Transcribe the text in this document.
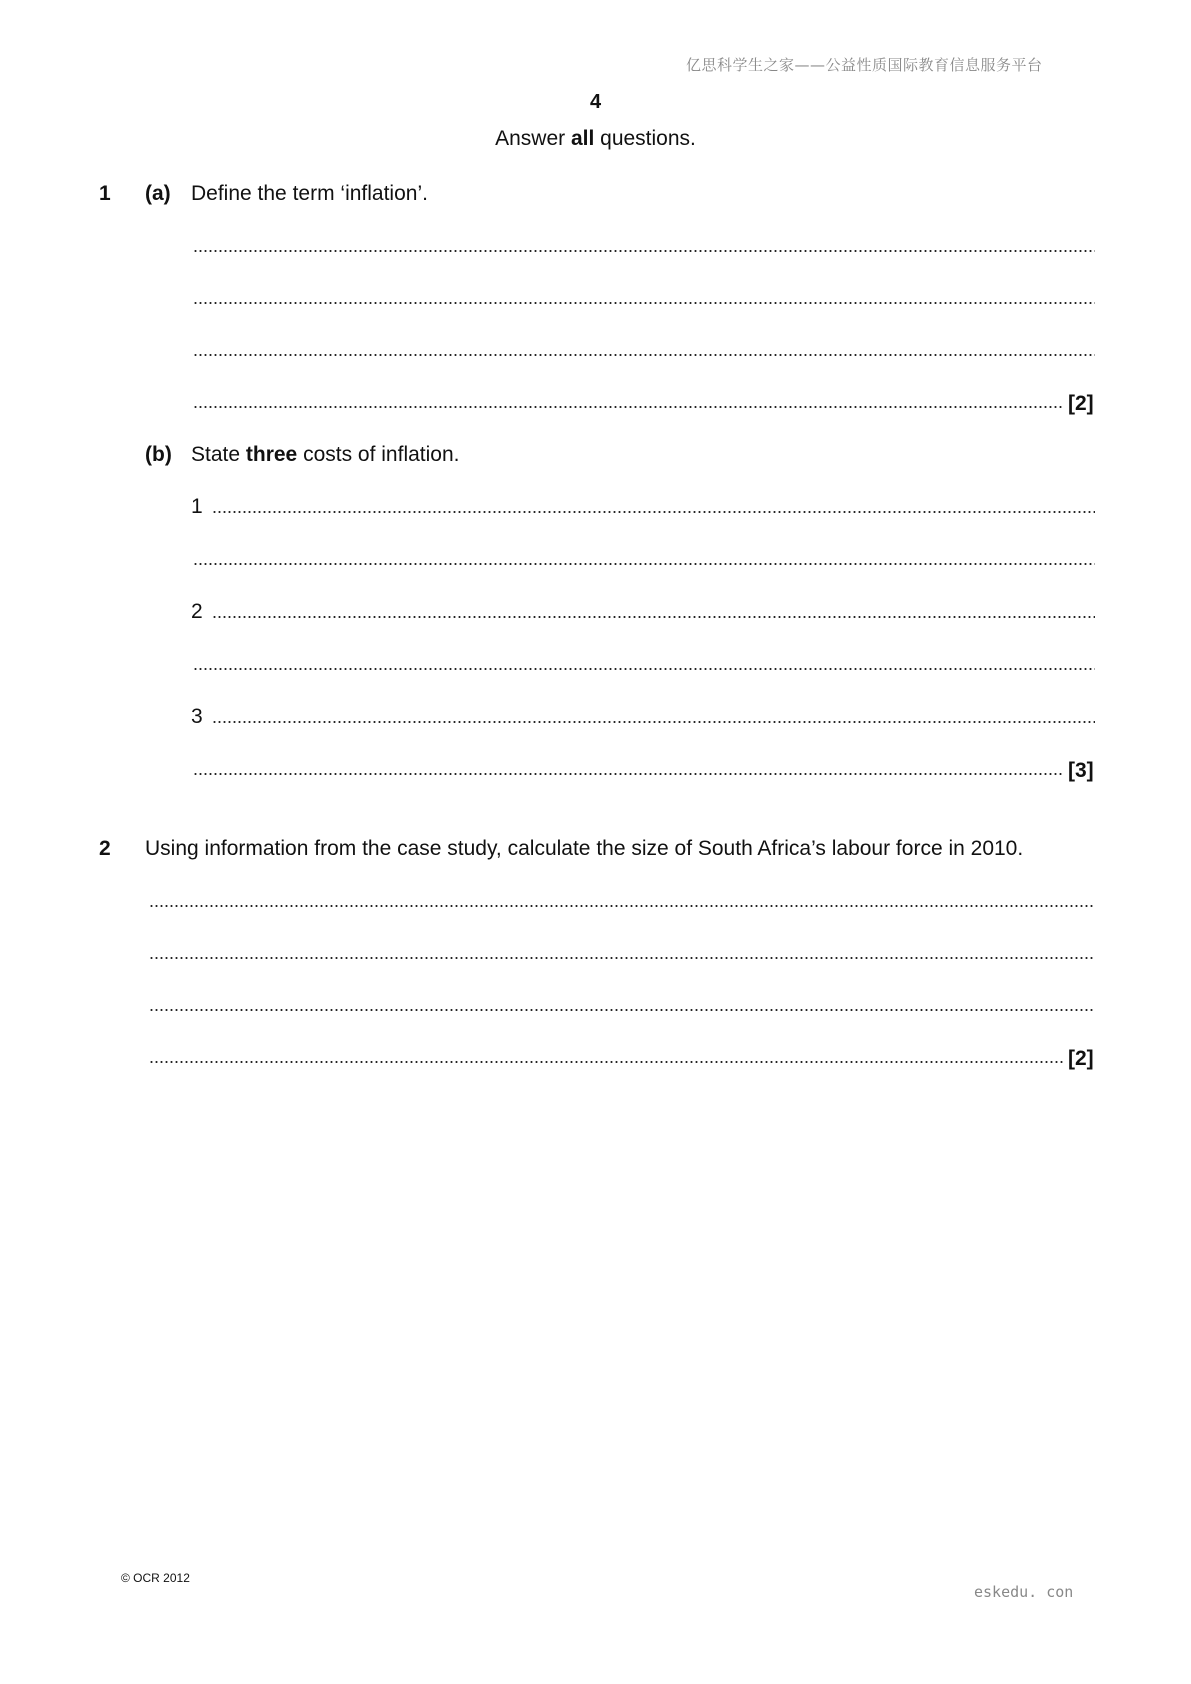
亿思科学生之家——公益性质国际教育信息服务平台
4
Answer all questions.
1 (a) Define the term ‘inflation’.
[2]
(b) State three costs of inflation.
1
2
3
[3]
2 Using information from the case study, calculate the size of South Africa’s labour force in 2010.
[2]
© OCR 2012
eskedu. con
